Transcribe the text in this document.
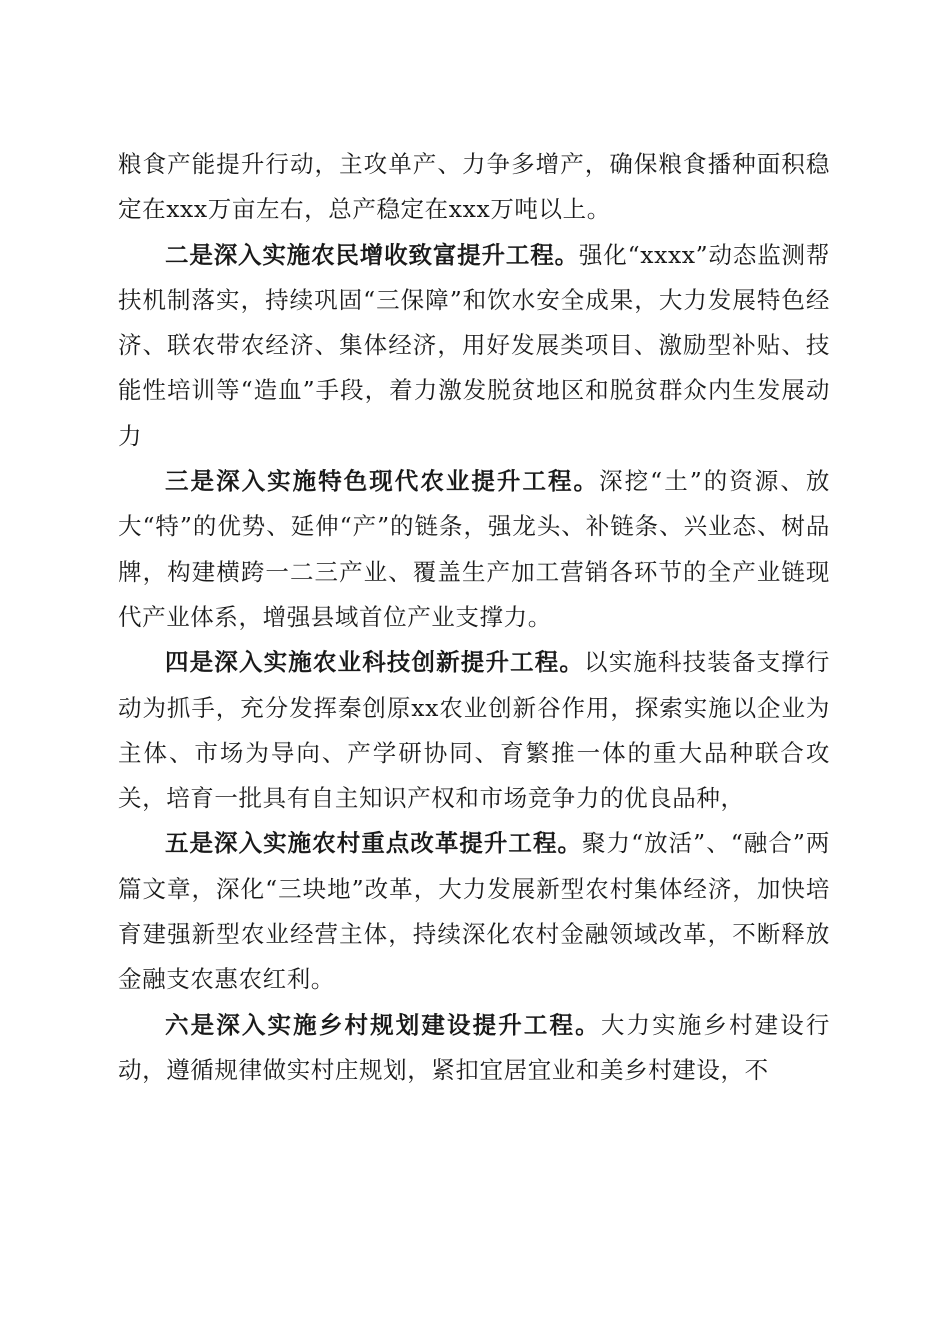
粮食产能提升行动，主攻单产、力争多增产，确保粮食播种面积稳定在xxx万亩左右，总产稳定在xxx万吨以上。

二是深入实施农民增收致富提升工程。强化“xxxx”动态监测帮扶机制落实，持续巩固“三保障”和饮水安全成果，大力发展特色经济、联农带农经济、集体经济，用好发展类项目、激励型补贴、技能性培训等“造血”手段，着力激发脱贫地区和脱贫群众内生发展动力

三是深入实施特色现代农业提升工程。深挖“土”的资源、放大“特”的优势、延伸“产”的链条，强龙头、补链条、兴业态、树品牌，构建横跨一二三产业、覆盖生产加工营销各环节的全产业链现代产业体系，增强县域首位产业支撑力。

四是深入实施农业科技创新提升工程。以实施科技装备支撑行动为抓手，充分发挥秦创原xx农业创新谷作用，探索实施以企业为主体、市场为导向、产学研协同、育繁推一体的重大品种联合攻关，培育一批具有自主知识产权和市场竞争力的优良品种，

五是深入实施农村重点改革提升工程。聚力“放活”、“融合”两篇文章，深化“三块地”改革，大力发展新型农村集体经济，加快培育建强新型农业经营主体，持续深化农村金融领域改革，不断释放金融支农惠农红利。

六是深入实施乡村规划建设提升工程。大力实施乡村建设行动，遵循规律做实村庄规划，紧扣宜居宜业和美乡村建设，不
